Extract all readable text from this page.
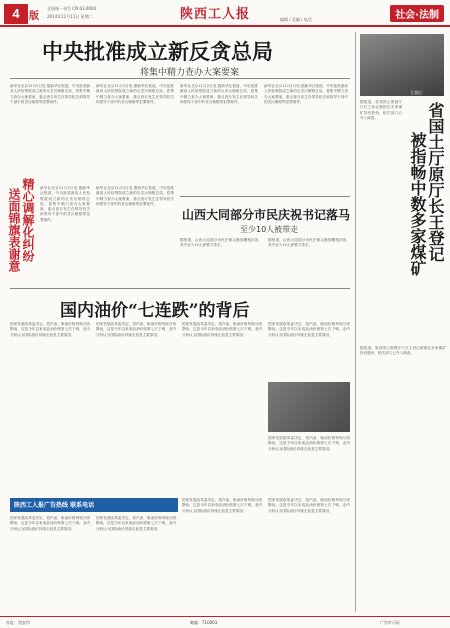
4 版
全国统一刊号 CN 61-0004
2014年11月11日 星期二	陕西工人报	编辑 / 美编 / 电话	社会·法制
中央批准成立新反贪总局
将集中精力查办大案要案
新华社北京11月2日电 据新华社报道，中央批准最高人民检察院成立新的反贪污贿赂总局，将集中精力查办大案要案，重点查办发生在领导机关和领导干部中的贪污贿赂等犯罪案件。
新华社北京11月2日电 据新华社报道，中央批准最高人民检察院成立新的反贪污贿赂总局，将集中精力查办大案要案，重点查办发生在领导机关和领导干部中的贪污贿赂等犯罪案件。
新华社北京11月2日电 据新华社报道，中央批准最高人民检察院成立新的反贪污贿赂总局，将集中精力查办大案要案，重点查办发生在领导机关和领导干部中的贪污贿赂等犯罪案件。
新华社北京11月2日电 据新华社报道，中央批准最高人民检察院成立新的反贪污贿赂总局，将集中精力查办大案要案，重点查办发生在领导机关和领导干部中的贪污贿赂等犯罪案件。
精心调解化纠纷
送面锦旗表谢意	新华社北京11月2日电 据新华社报道，中央批准最高人民检察院成立新的反贪污贿赂总局，将集中精力查办大案要案，重点查办发生在领导机关和领导干部中的贪污贿赂等犯罪案件。
新华社北京11月2日电 据新华社报道，中央批准最高人民检察院成立新的反贪污贿赂总局，将集中精力查办大案要案，重点查办发生在领导机关和领导干部中的贪污贿赂等犯罪案件。
山西大同部分市民庆祝书记落马
至少10人被带走
据报道，山西大同部分市民在街头燃放鞭炮庆祝，其中至少10人被警方带走。
据报道，山西大同部分市民在街头燃放鞭炮庆祝，其中至少10人被警方带走。
国内油价“七连跌”的背后
国家发展改革委决定，将汽油、柴油价格每吨分别降低，这是今年以来成品油价格第七次下调，业内分析认为国际油价持续走低是主要原因。
国家发展改革委决定，将汽油、柴油价格每吨分别降低，这是今年以来成品油价格第七次下调，业内分析认为国际油价持续走低是主要原因。
国家发展改革委决定，将汽油、柴油价格每吨分别降低，这是今年以来成品油价格第七次下调，业内分析认为国际油价持续走低是主要原因。
国家发展改革委决定，将汽油、柴油价格每吨分别降低，这是今年以来成品油价格第七次下调，业内分析认为国际油价持续走低是主要原因。
国家发展改革委决定，将汽油、柴油价格每吨分别降低，这是今年以来成品油价格第七次下调，业内分析认为国际油价持续走低是主要原因。
陕西工人报广告热线 联系电话
国家发展改革委决定，将汽油、柴油价格每吨分别降低，这是今年以来成品油价格第七次下调，业内分析认为国际油价持续走低是主要原因。
国家发展改革委决定，将汽油、柴油价格每吨分别降低，这是今年以来成品油价格第七次下调，业内分析认为国际油价持续走低是主要原因。
国家发展改革委决定，将汽油、柴油价格每吨分别降低，这是今年以来成品油价格第七次下调，业内分析认为国际油价持续走低是主要原因。
国家发展改革委决定，将汽油、柴油价格每吨分别降低，这是今年以来成品油价格第七次下调，业内分析认为国际油价持续走低是主要原因。
王登记
据报道，原省国土资源厅厅长王登记被指在多家煤矿持有股份，相关部门已介入调查。	省国土厅原厅长王登记
被指畅中数多家煤矿
据报道，原省国土资源厅厅长王登记被指在多家煤矿持有股份，相关部门已介入调查。
社址：西安市	邮编：710003	广告许可证
